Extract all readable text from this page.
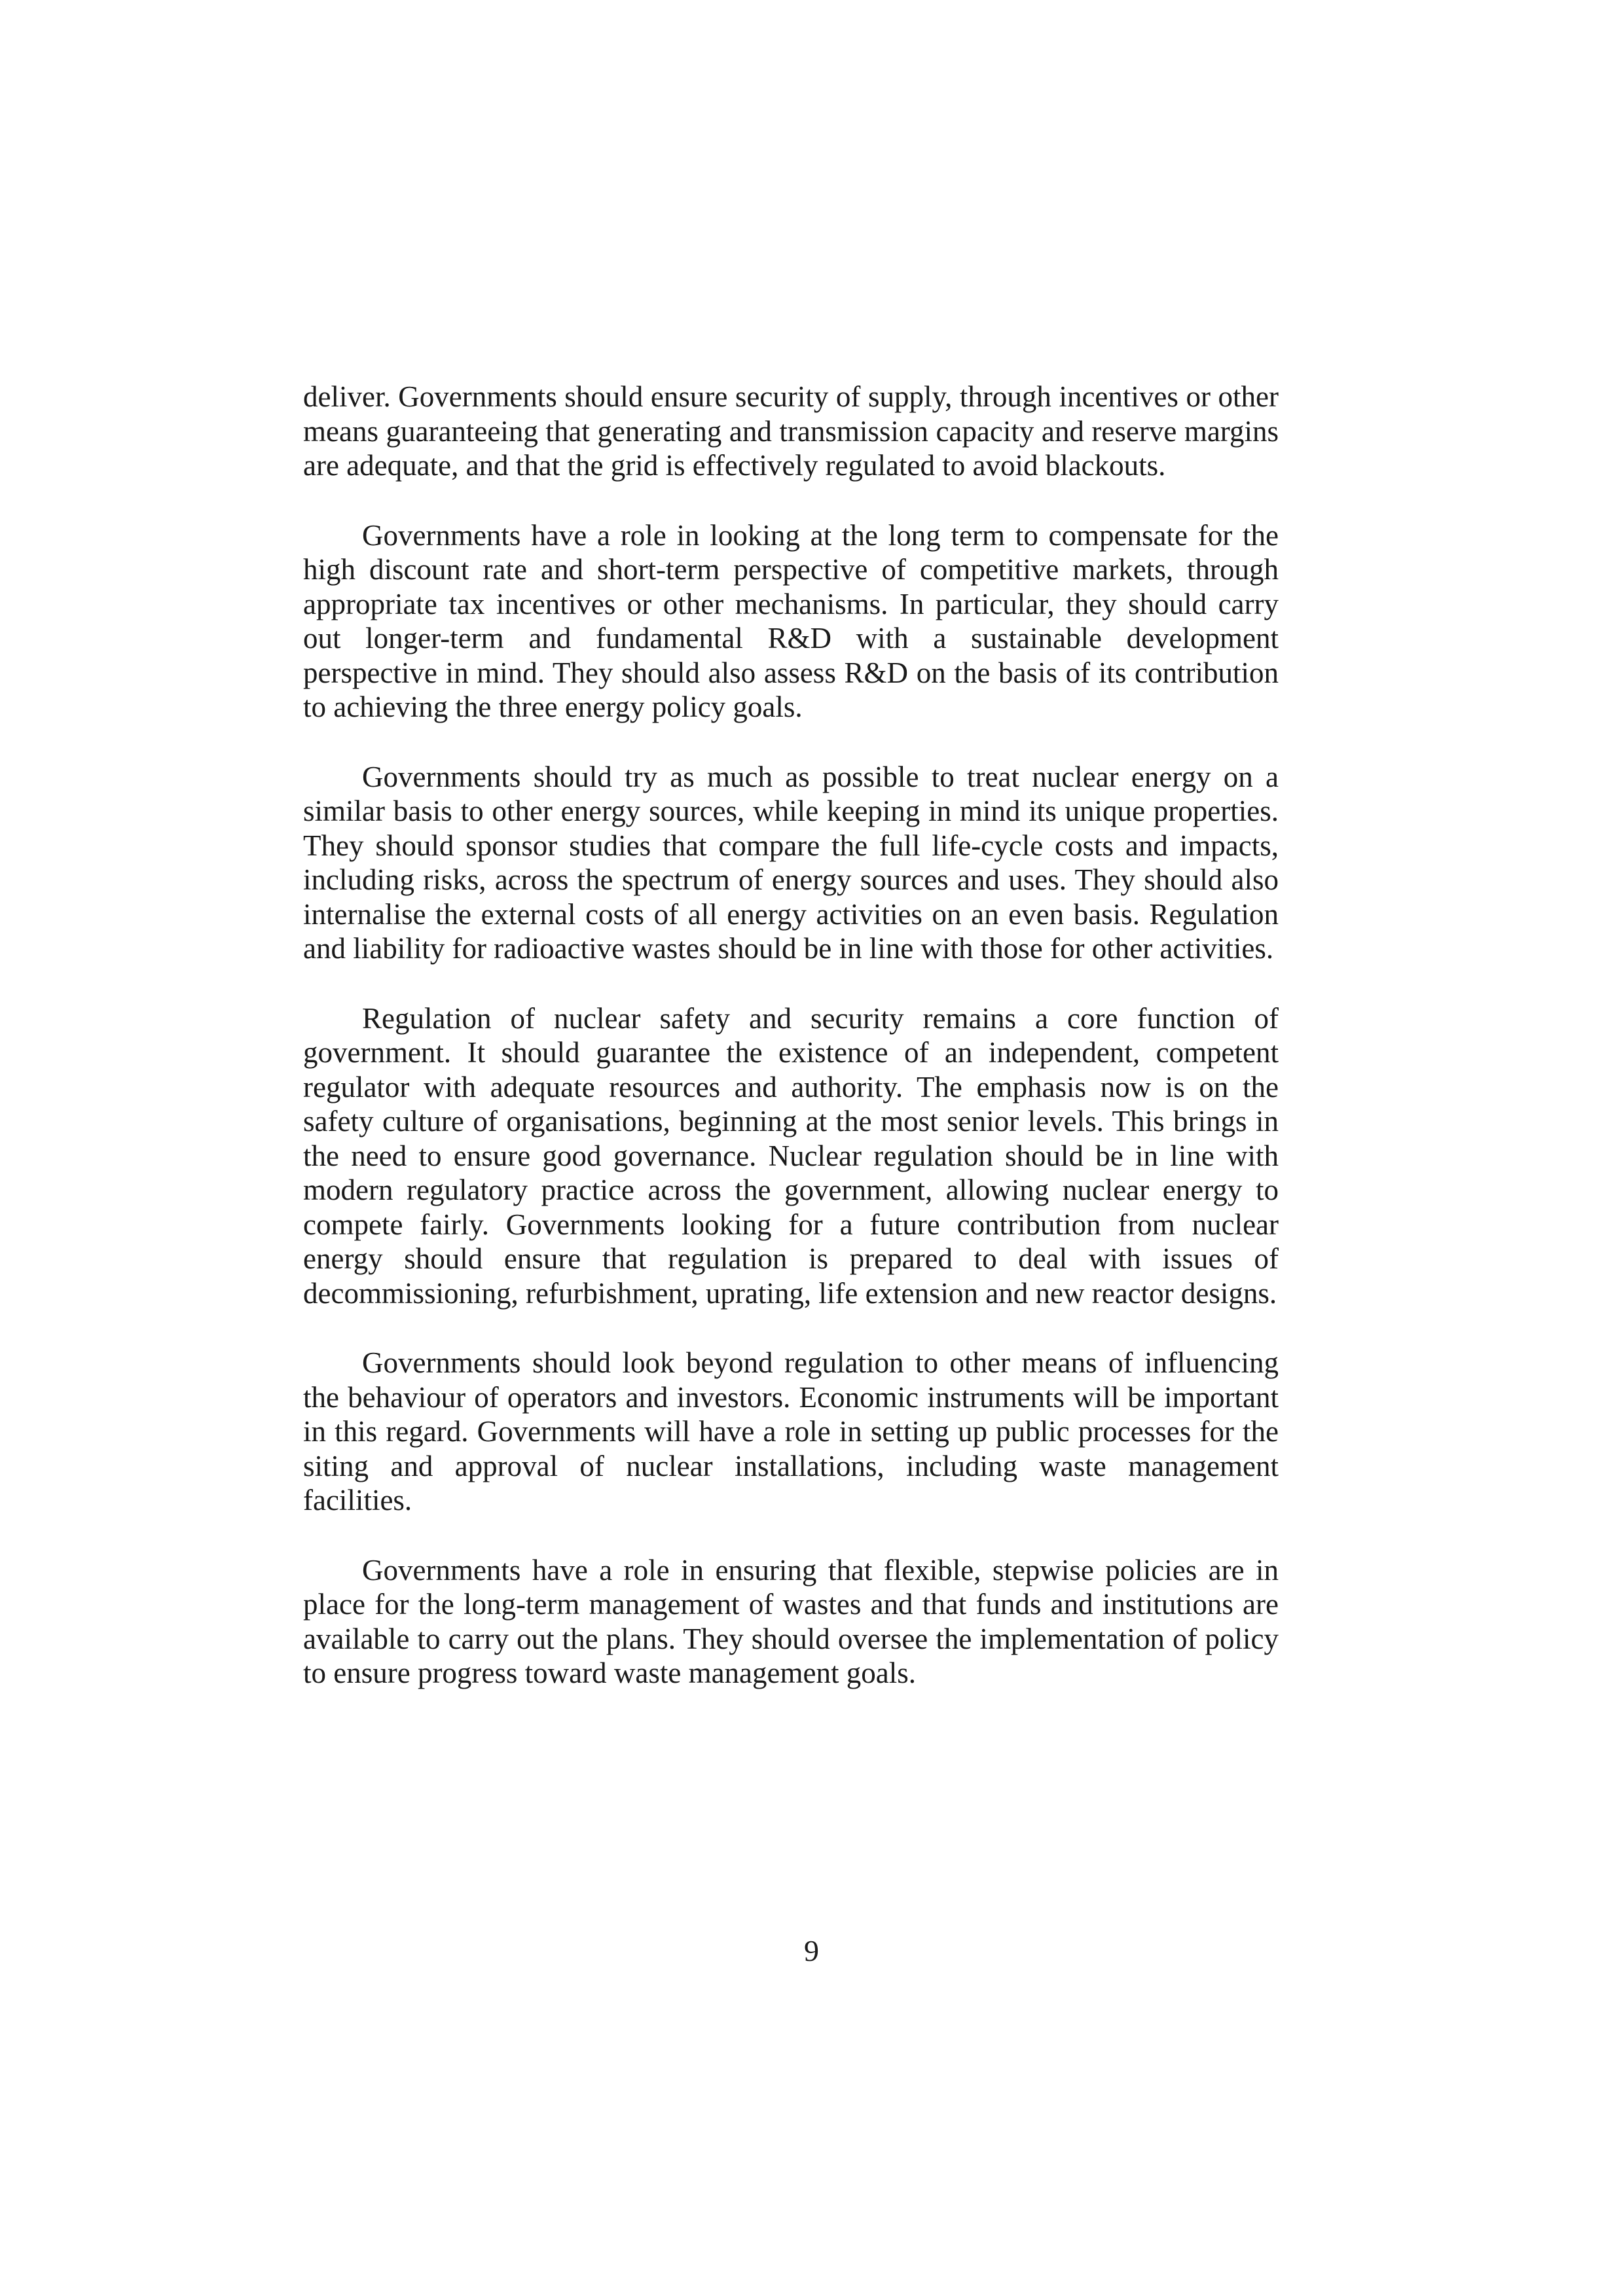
deliver. Governments should ensure security of supply, through incentives or other means guaranteeing that generating and transmission capacity and reserve margins are adequate, and that the grid is effectively regulated to avoid blackouts.

Governments have a role in looking at the long term to compensate for the high discount rate and short-term perspective of competitive markets, through appropriate tax incentives or other mechanisms. In particular, they should carry out longer-term and fundamental R&D with a sustainable development perspective in mind. They should also assess R&D on the basis of its contribution to achieving the three energy policy goals.

Governments should try as much as possible to treat nuclear energy on a similar basis to other energy sources, while keeping in mind its unique properties. They should sponsor studies that compare the full life-cycle costs and impacts, including risks, across the spectrum of energy sources and uses. They should also internalise the external costs of all energy activities on an even basis. Regulation and liability for radioactive wastes should be in line with those for other activities.

Regulation of nuclear safety and security remains a core function of government. It should guarantee the existence of an independent, competent regulator with adequate resources and authority. The emphasis now is on the safety culture of organisations, beginning at the most senior levels. This brings in the need to ensure good governance. Nuclear regulation should be in line with modern regulatory practice across the government, allowing nuclear energy to compete fairly. Governments looking for a future contribution from nuclear energy should ensure that regulation is prepared to deal with issues of decommissioning, refurbishment, uprating, life extension and new reactor designs.

Governments should look beyond regulation to other means of influencing the behaviour of operators and investors. Economic instruments will be important in this regard. Governments will have a role in setting up public processes for the siting and approval of nuclear installations, including waste management facilities.

Governments have a role in ensuring that flexible, stepwise policies are in place for the long-term management of wastes and that funds and institutions are available to carry out the plans. They should oversee the implementation of policy to ensure progress toward waste management goals.

9
